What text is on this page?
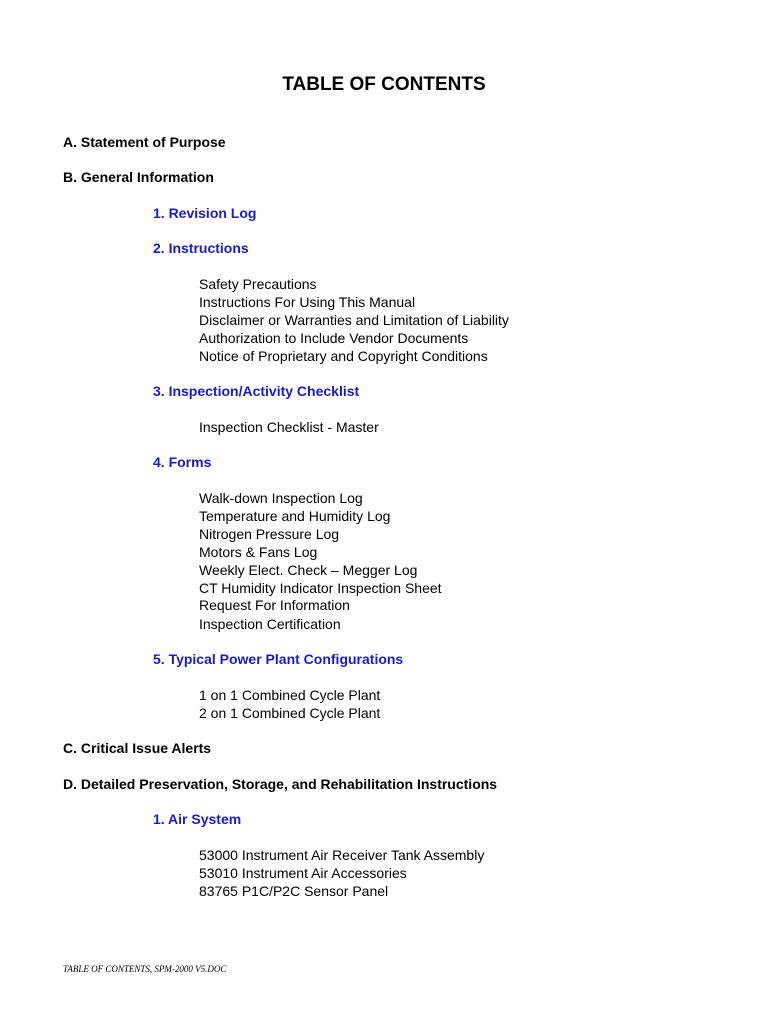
TABLE OF CONTENTS
A. Statement of Purpose
B. General Information
1. Revision Log
2. Instructions
Safety Precautions
Instructions For Using This Manual
Disclaimer or Warranties and Limitation of Liability
Authorization to Include Vendor Documents
Notice of Proprietary and Copyright Conditions
3. Inspection/Activity Checklist
Inspection Checklist - Master
4. Forms
Walk-down Inspection Log
Temperature and Humidity Log
Nitrogen Pressure Log
Motors & Fans Log
Weekly Elect. Check – Megger Log
CT Humidity Indicator Inspection Sheet
Request For Information
Inspection Certification
5. Typical Power Plant Configurations
1 on 1 Combined Cycle Plant
2 on 1 Combined Cycle Plant
C. Critical Issue Alerts
D. Detailed Preservation, Storage, and Rehabilitation Instructions
1. Air System
53000 Instrument Air Receiver Tank Assembly
53010 Instrument Air Accessories
83765 P1C/P2C Sensor Panel
TABLE OF CONTENTS, SPM-2000 V5.DOC
